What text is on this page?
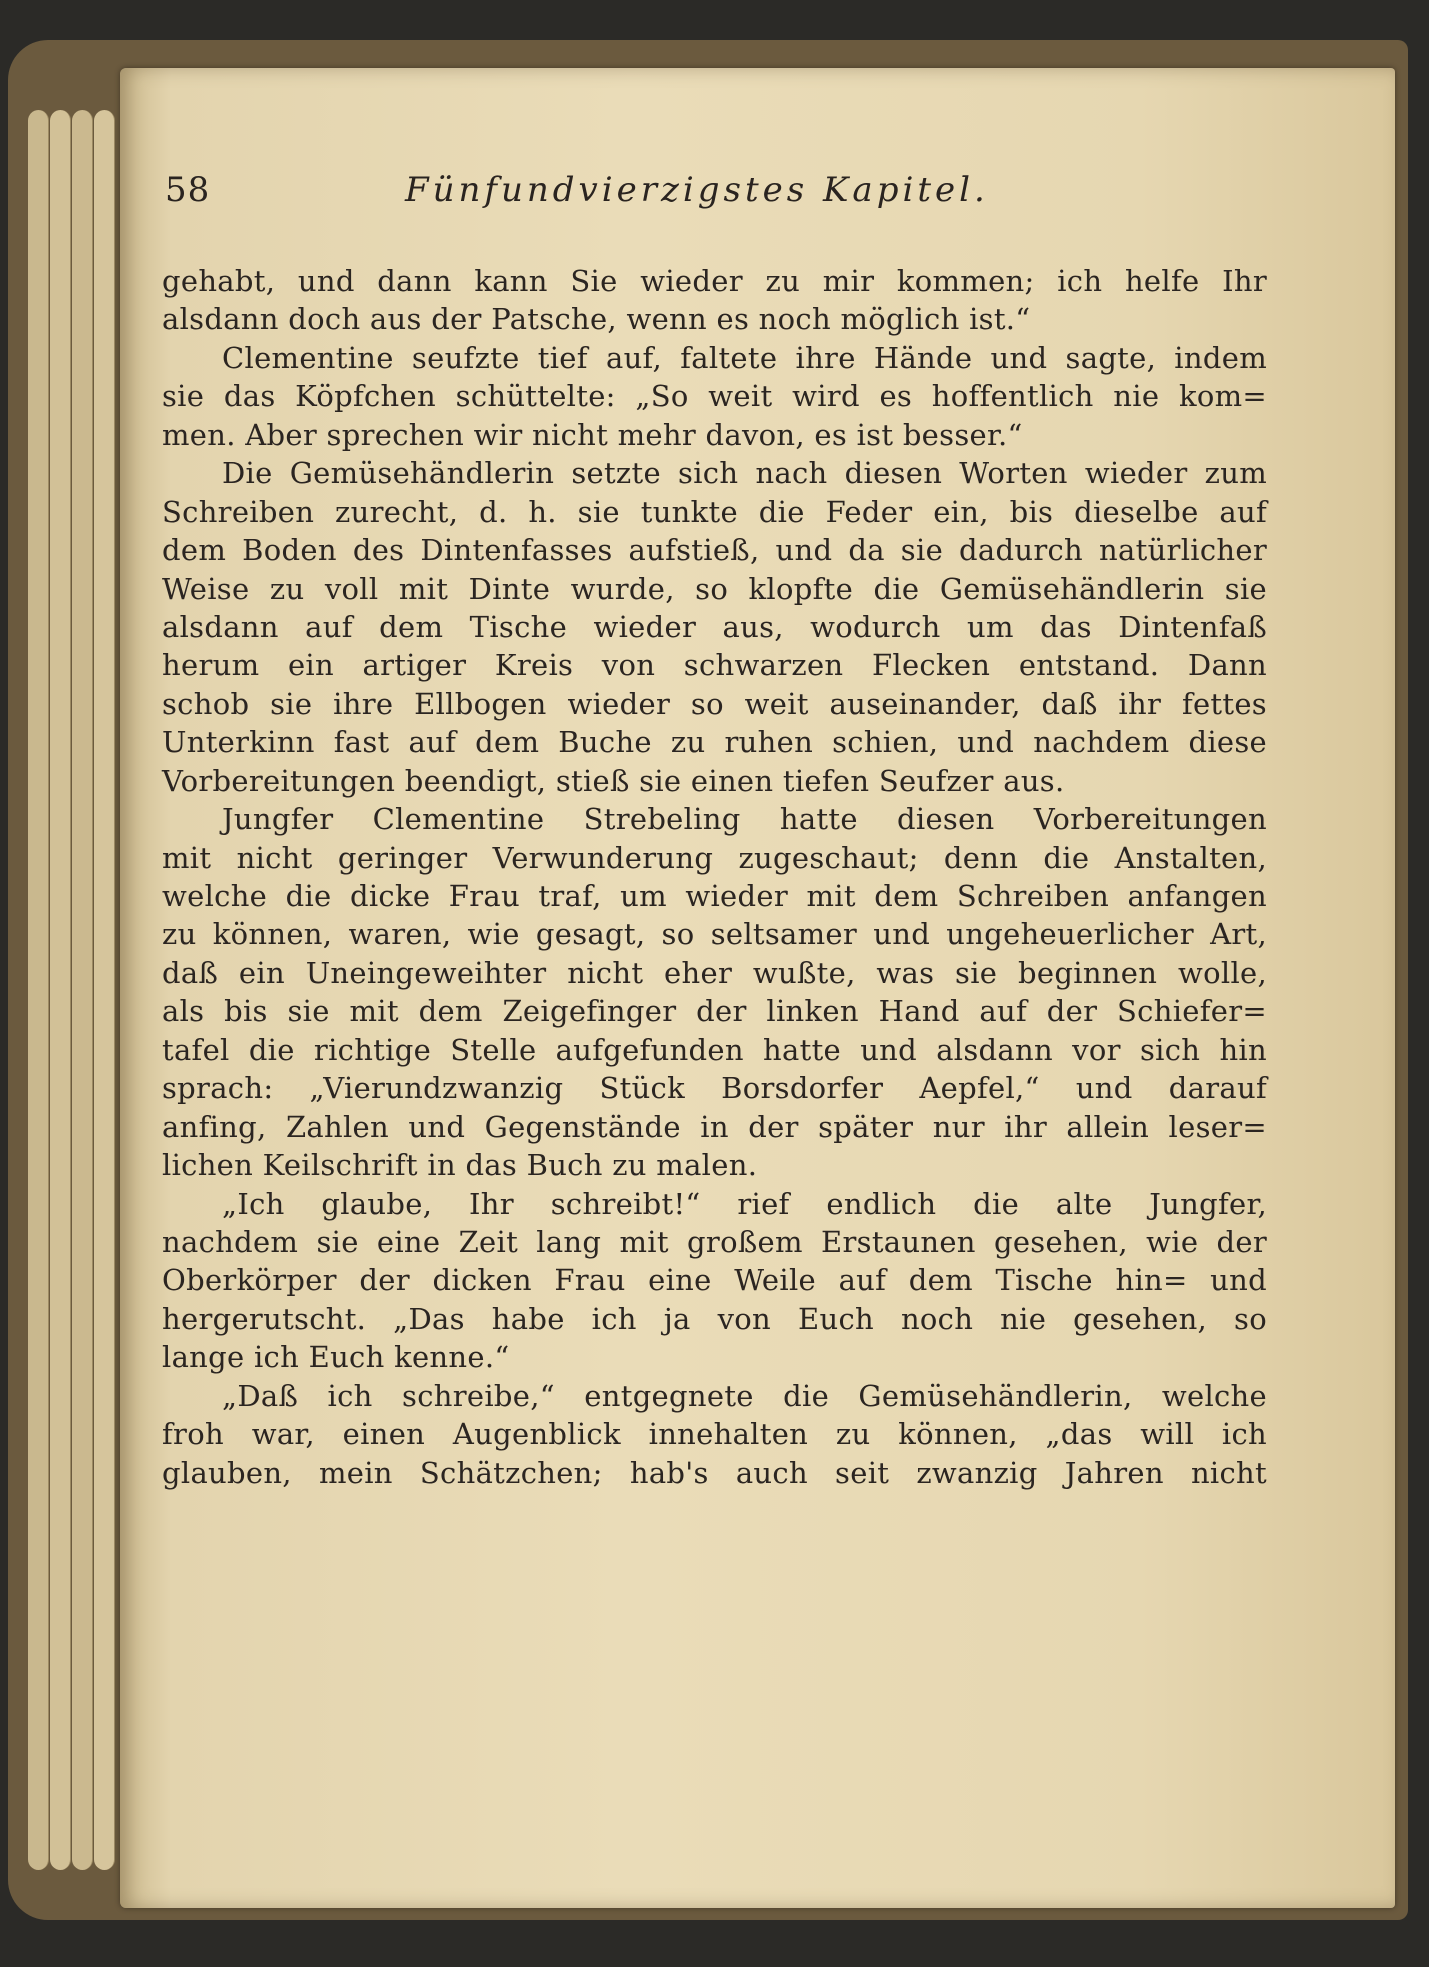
58	Fünfundvierzigstes Kapitel.
gehabt, und dann kann Sie wieder zu mir kommen; ich helfe Ihr
alsdann doch aus der Patsche, wenn es noch möglich ist.“
Clementine seufzte tief auf, faltete ihre Hände und sagte, indem
sie das Köpfchen schüttelte: „So weit wird es hoffentlich nie kom=
men. Aber sprechen wir nicht mehr davon, es ist besser.“
Die Gemüsehändlerin setzte sich nach diesen Worten wieder zum
Schreiben zurecht, d. h. sie tunkte die Feder ein, bis dieselbe auf
dem Boden des Dintenfasses aufstieß, und da sie dadurch natürlicher
Weise zu voll mit Dinte wurde, so klopfte die Gemüsehändlerin sie
alsdann auf dem Tische wieder aus, wodurch um das Dintenfaß
herum ein artiger Kreis von schwarzen Flecken entstand. Dann
schob sie ihre Ellbogen wieder so weit auseinander, daß ihr fettes
Unterkinn fast auf dem Buche zu ruhen schien, und nachdem diese
Vorbereitungen beendigt, stieß sie einen tiefen Seufzer aus.
Jungfer Clementine Strebeling hatte diesen Vorbereitungen
mit nicht geringer Verwunderung zugeschaut; denn die Anstalten,
welche die dicke Frau traf, um wieder mit dem Schreiben anfangen
zu können, waren, wie gesagt, so seltsamer und ungeheuerlicher Art,
daß ein Uneingeweihter nicht eher wußte, was sie beginnen wolle,
als bis sie mit dem Zeigefinger der linken Hand auf der Schiefer=
tafel die richtige Stelle aufgefunden hatte und alsdann vor sich hin
sprach: „Vierundzwanzig Stück Borsdorfer Aepfel,“ und darauf
anfing, Zahlen und Gegenstände in der später nur ihr allein leser=
lichen Keilschrift in das Buch zu malen.
„Ich glaube, Ihr schreibt!“ rief endlich die alte Jungfer,
nachdem sie eine Zeit lang mit großem Erstaunen gesehen, wie der
Oberkörper der dicken Frau eine Weile auf dem Tische hin= und
hergerutscht. „Das habe ich ja von Euch noch nie gesehen, so
lange ich Euch kenne.“
„Daß ich schreibe,“ entgegnete die Gemüsehändlerin, welche
froh war, einen Augenblick innehalten zu können, „das will ich
glauben, mein Schätzchen; hab's auch seit zwanzig Jahren nicht
